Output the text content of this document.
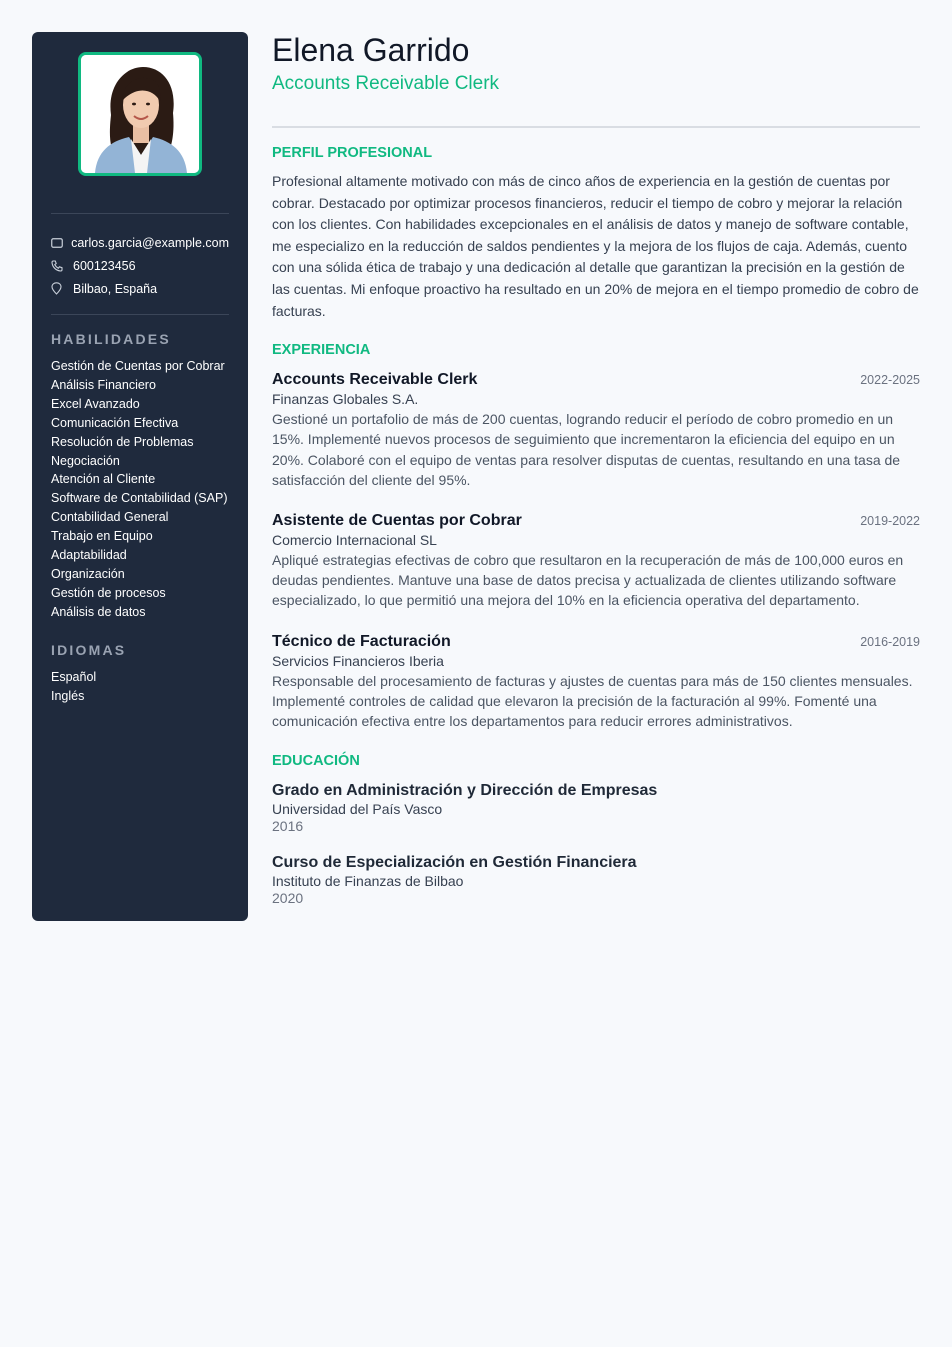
carlos.garcia@example.com
600123456
Bilbao, España
HABILIDADES
Gestión de Cuentas por Cobrar
Análisis Financiero
Excel Avanzado
Comunicación Efectiva
Resolución de Problemas
Negociación
Atención al Cliente
Software de Contabilidad (SAP)
Contabilidad General
Trabajo en Equipo
Adaptabilidad
Organización
Gestión de procesos
Análisis de datos
IDIOMAS
Español
Inglés
Elena Garrido
Accounts Receivable Clerk
PERFIL PROFESIONAL

Profesional altamente motivado con más de cinco años de experiencia en la gestión de cuentas por cobrar. Destacado por optimizar procesos financieros, reducir el tiempo de cobro y mejorar la relación con los clientes. Con habilidades excepcionales en el análisis de datos y manejo de software contable, me especializo en la reducción de saldos pendientes y la mejora de los flujos de caja. Además, cuento con una sólida ética de trabajo y una dedicación al detalle que garantizan la precisión en la gestión de las cuentas. Mi enfoque proactivo ha resultado en un 20% de mejora en el tiempo promedio de cobro de facturas.

EXPERIENCIA
Accounts Receivable Clerk	2022-2025
Finanzas Globales S.A.
Gestioné un portafolio de más de 200 cuentas, logrando reducir el período de cobro promedio en un 15%. Implementé nuevos procesos de seguimiento que incrementaron la eficiencia del equipo en un 20%. Colaboré con el equipo de ventas para resolver disputas de cuentas, resultando en una tasa de satisfacción del cliente del 95%.
Asistente de Cuentas por Cobrar	2019-2022
Comercio Internacional SL
Apliqué estrategias efectivas de cobro que resultaron en la recuperación de más de 100,000 euros en deudas pendientes. Mantuve una base de datos precisa y actualizada de clientes utilizando software especializado, lo que permitió una mejora del 10% en la eficiencia operativa del departamento.
Técnico de Facturación	2016-2019
Servicios Financieros Iberia
Responsable del procesamiento de facturas y ajustes de cuentas para más de 150 clientes mensuales. Implementé controles de calidad que elevaron la precisión de la facturación al 99%. Fomenté una comunicación efectiva entre los departamentos para reducir errores administrativos.
EDUCACIÓN
Grado en Administración y Dirección de Empresas
Universidad del País Vasco
2016
Curso de Especialización en Gestión Financiera
Instituto de Finanzas de Bilbao
2020
